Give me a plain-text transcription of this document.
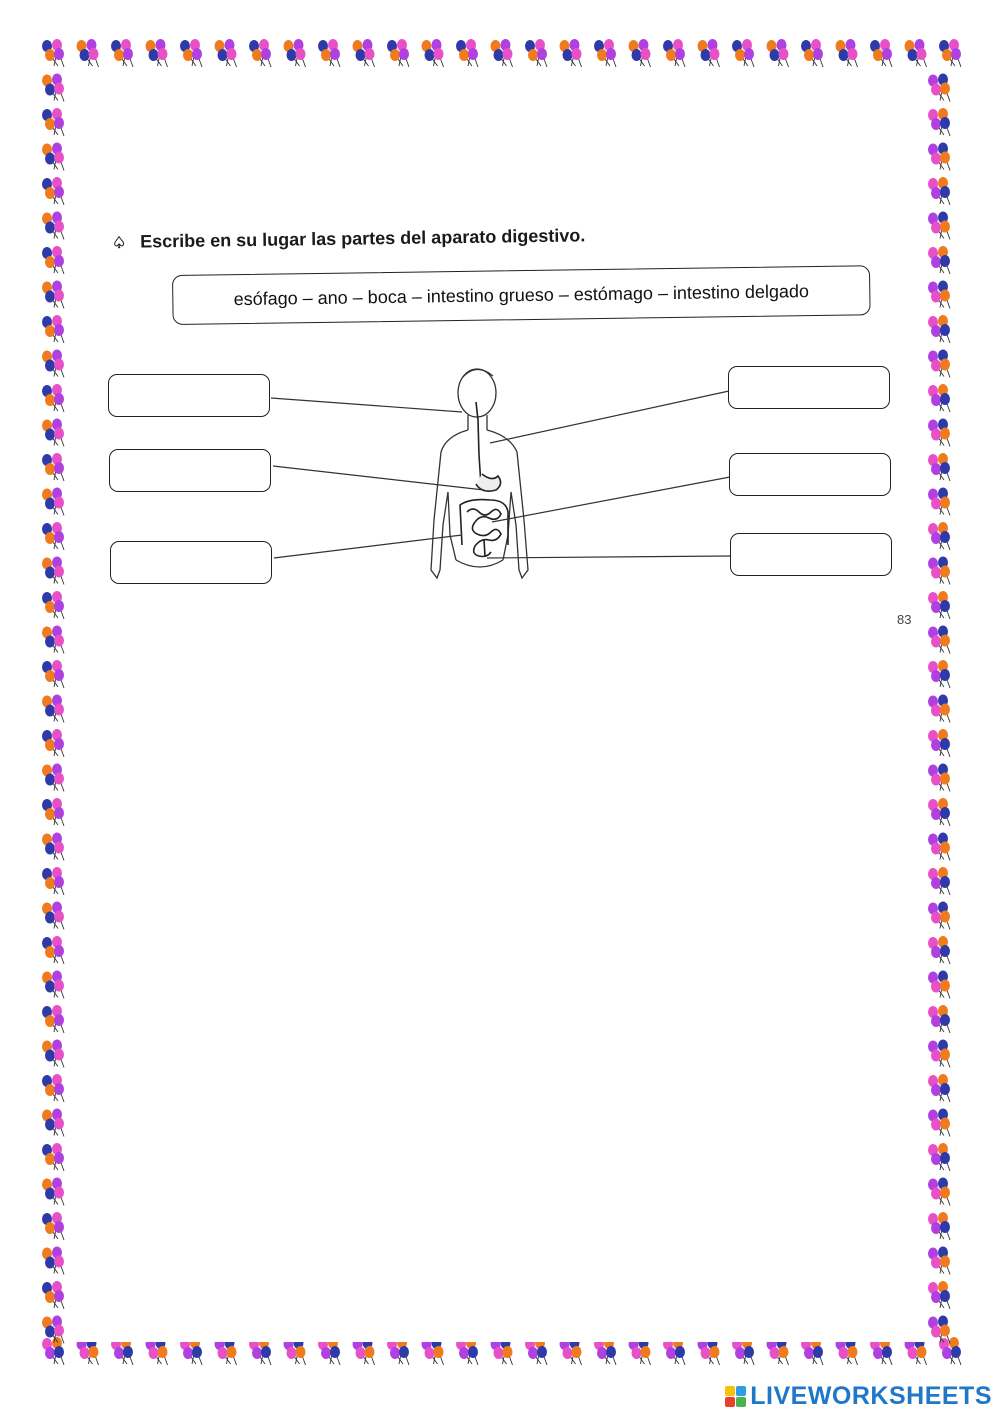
♤ Escribe en su lugar las partes del aparato digestivo.
esófago – ano – boca – intestino grueso – estómago – intestino delgado
83
LIVEWORKSHEETS
